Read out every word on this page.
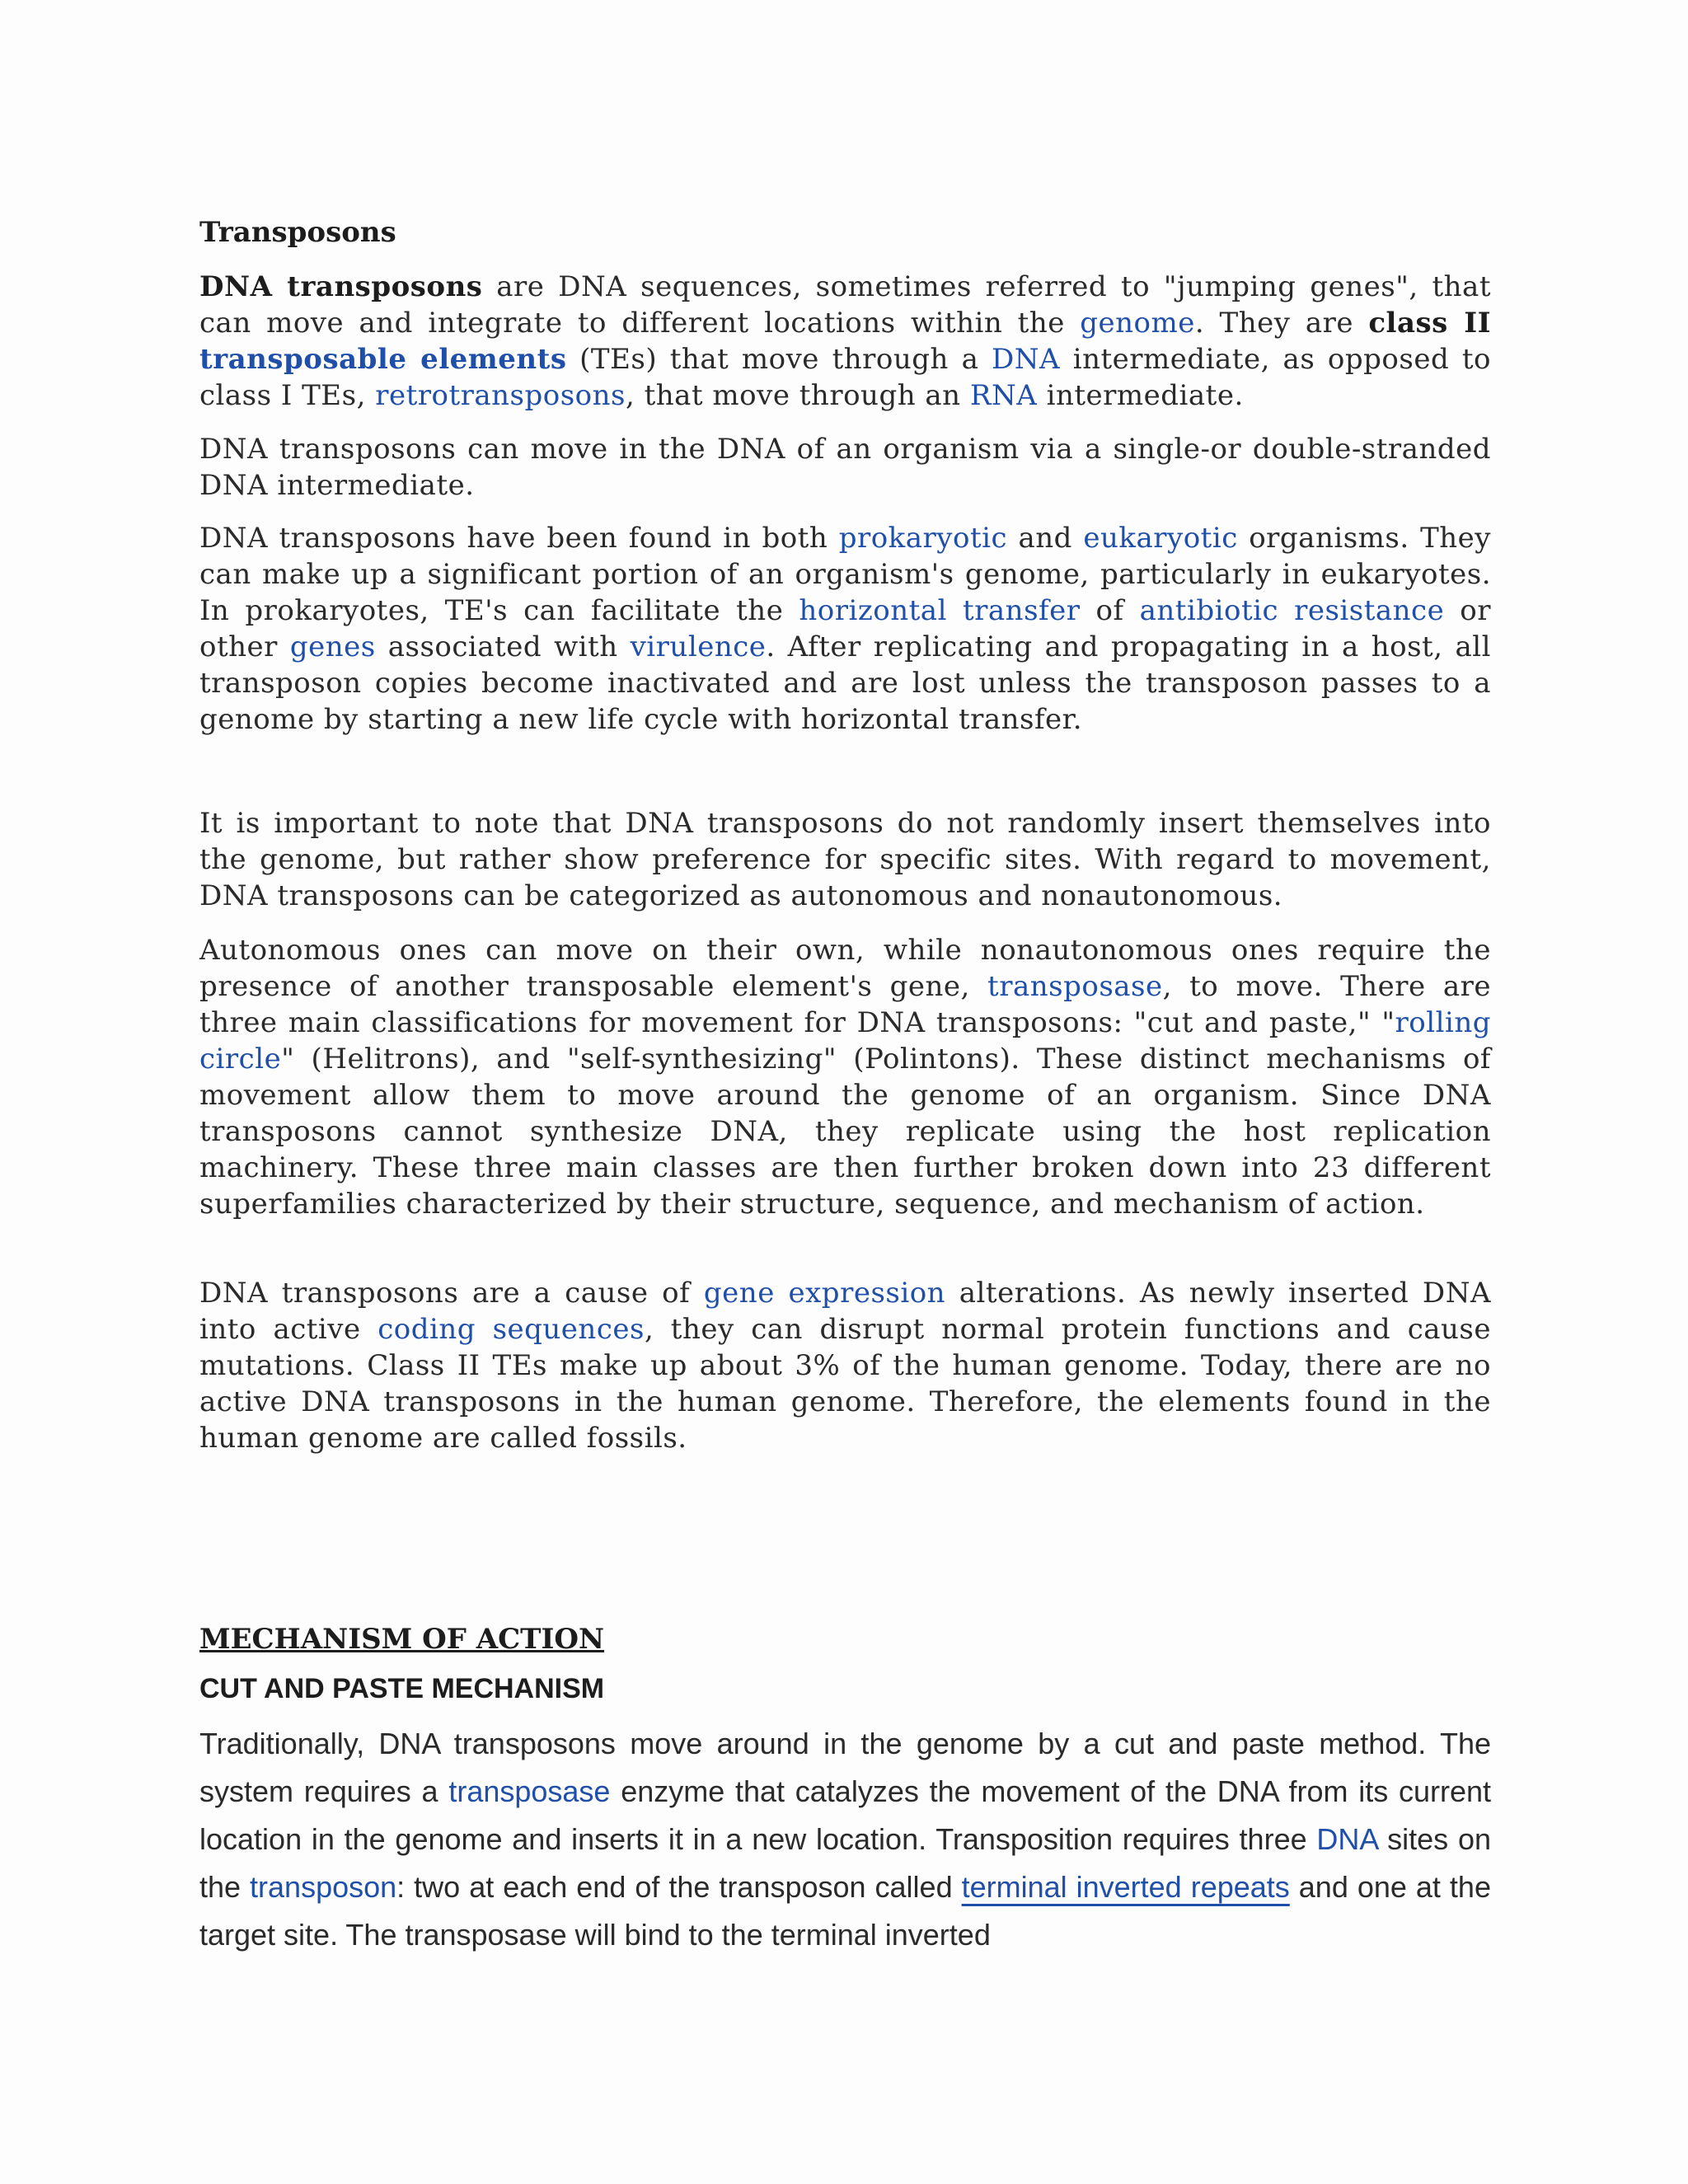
Transposons

DNA transposons are DNA sequences, sometimes referred to "jumping genes", that can move and integrate to different locations within the genome. They are class II transposable elements (TEs) that move through a DNA intermediate, as opposed to class I TEs, retrotransposons, that move through an RNA intermediate.

DNA transposons can move in the DNA of an organism via a single-or double-stranded DNA intermediate.

DNA transposons have been found in both prokaryotic and eukaryotic organisms. They can make up a significant portion of an organism's genome, particularly in eukaryotes. In prokaryotes, TE's can facilitate the horizontal transfer of antibiotic resistance or other genes associated with virulence. After replicating and propagating in a host, all transposon copies become inactivated and are lost unless the transposon passes to a genome by starting a new life cycle with horizontal transfer.

It is important to note that DNA transposons do not randomly insert themselves into the genome, but rather show preference for specific sites. With regard to movement, DNA transposons can be categorized as autonomous and nonautonomous.

Autonomous ones can move on their own, while nonautonomous ones require the presence of another transposable element's gene, transposase, to move. There are three main classifications for movement for DNA transposons: "cut and paste," "rolling circle" (Helitrons), and "self-synthesizing" (Polintons). These distinct mechanisms of movement allow them to move around the genome of an organism. Since DNA transposons cannot synthesize DNA, they replicate using the host replication machinery. These three main classes are then further broken down into 23 different superfamilies characterized by their structure, sequence, and mechanism of action.

DNA transposons are a cause of gene expression alterations. As newly inserted DNA into active coding sequences, they can disrupt normal protein functions and cause mutations. Class II TEs make up about 3% of the human genome. Today, there are no active DNA transposons in the human genome. Therefore, the elements found in the human genome are called fossils.

MECHANISM OF ACTION
CUT AND PASTE MECHANISM

Traditionally, DNA transposons move around in the genome by a cut and paste method. The system requires a transposase enzyme that catalyzes the movement of the DNA from its current location in the genome and inserts it in a new location. Transposition requires three DNA sites on the transposon: two at each end of the transposon called terminal inverted repeats and one at the target site. The transposase will bind to the terminal inverted
